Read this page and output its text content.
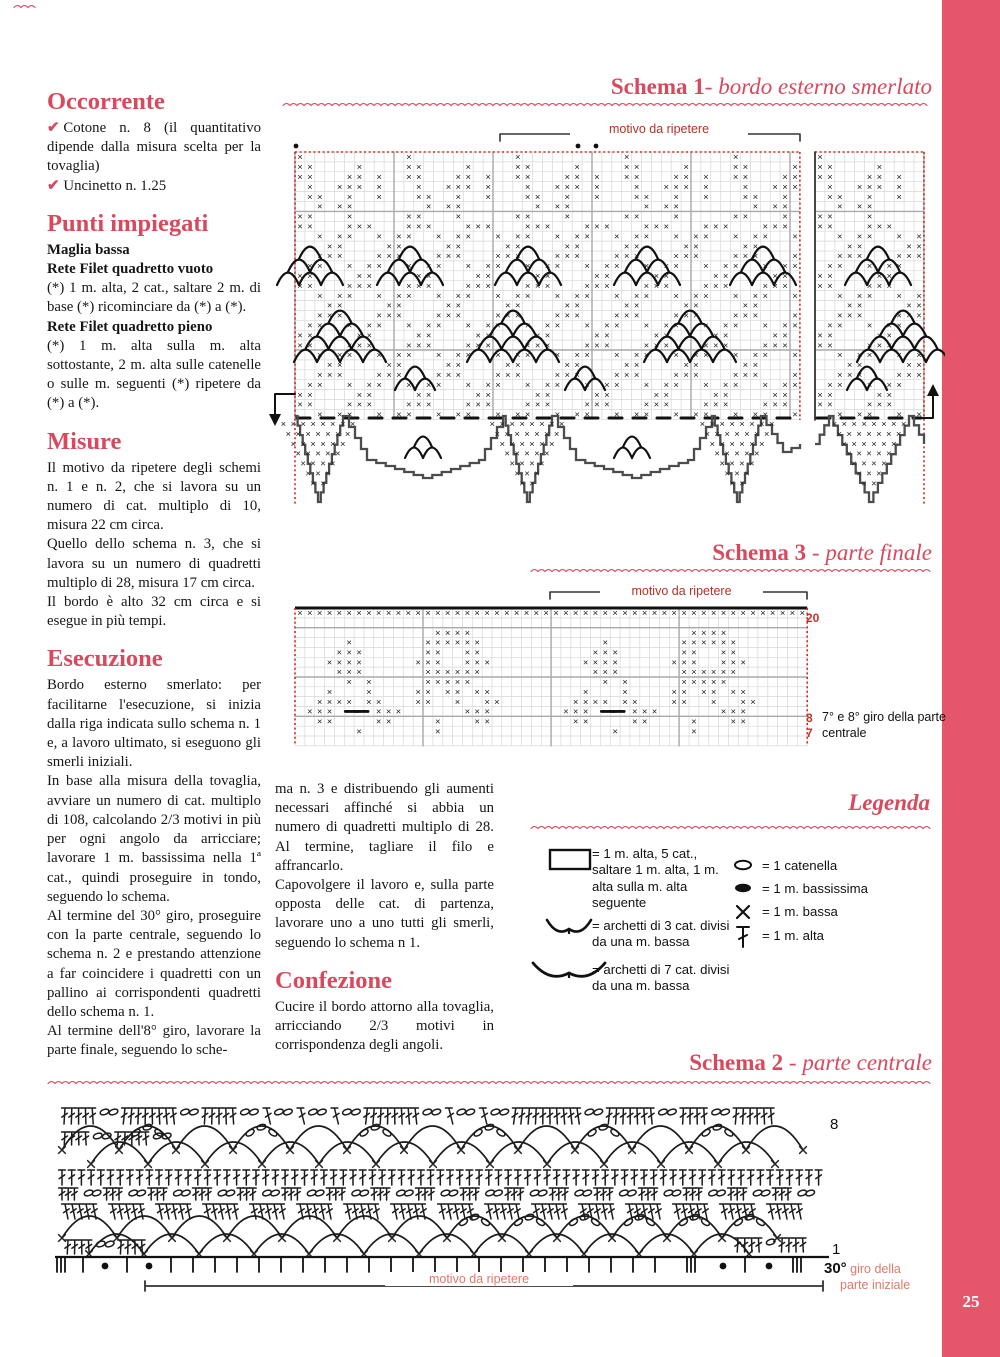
25
Occorrente

✔ Cotone n. 8 (il quantitativo dipende dalla misura scelta per la tovaglia)

✔ Uncinetto n. 1.25

Punti impiegati

Maglia bassa

Rete Filet quadretto vuoto

(*) 1 m. alta, 2 cat., saltare 2 m. di base (*) ricominciare da (*) a (*).

Rete Filet quadretto pieno

(*) 1 m. alta sulla m. alta sottostante, 2 m. alta sulle catenelle o sulle m. seguenti (*) ripetere da (*) a (*).

Misure

Il motivo da ripetere degli schemi n. 1 e n. 2, che si lavora su un numero di cat. multiplo di 10, misura 22 cm circa.

Quello dello schema n. 3, che si lavora su un numero di quadretti multiplo di 28, misura 17 cm circa.

Il bordo è alto 32 cm circa e si esegue in più tempi.

Esecuzione

Bordo esterno smerlato: per facilitarne l'esecuzione, si inizia dalla riga indicata sullo schema n. 1 e, a lavoro ultimato, si eseguono gli smerli iniziali.

In base alla misura della tovaglia, avviare un numero di cat. multiplo di 108, calcolando 2/3 motivi in più per ogni angolo da arricciare; lavorare 1 m. bassissima nella 1ª cat., quindi proseguire in tondo, seguendo lo schema.

Al termine del 30° giro, proseguire con la parte centrale, seguendo lo schema n. 2 e prestando attenzione a far coincidere i quadretti con un pallino ai corrispondenti quadretti dello schema n. 1.

Al termine dell'8° giro, lavorare la parte finale, seguendo lo sche-

ma n. 3 e distribuendo gli aumenti necessari affinché si abbia un numero di quadretti multiplo di 28. Al termine, tagliare il filo e affrancarlo.

Capovolgere il lavoro e, sulla parte opposta delle cat. di partenza, lavorare uno a uno tutti gli smerli, seguendo lo schema n 1.

Confezione

Cucire il bordo attorno alla tovaglia, arricciando 2/3 motivi in corrispondenza degli angoli.

Schema 1- bordo esterno smerlato
×	×	×	×	×
× ×	×	× ×	×	× ×	×	× ×	×	× ×	×
× ×	× × ×	× ×	× × ×	× ×	× × ×	× ×	× × ×	× ×	× ×
×	× × × ×	×	× × × ×	×	× × × ×	×	× × × ×	×	× × ×
× ×	×	×	× ×	×	×	× ×	×	×	× ×	×	×	× ×	×
× × ×	× × ×	× × ×	× × ×	× × ×
× ×	×	× ×	×	× ×	×	× ×	×	× ×	×
× ×	× × ×	× × ×	× × ×	× × ×	× × ×	× × ×	× × ×	× × ×
× × ×	× × ×	× × ×	× × ×	× × ×	× × ×	× × ×	× × ×	×
× ×	× ×	× ×	× ×	× ×	× ×	× ×	× ×
× × ×	× × ×	× × ×	× × ×	× × ×	× × ×	× × ×	× × ×	×
× ×	× × ×	× × ×	× × ×	× × ×	× × ×	× × ×	× × ×	× × ×
× ×	× ×	× ×	× ×	× ×	× ×	× ×	× ×	× ×
× ×	× × ×	× × ×	× × ×	× × ×	× × ×	× × ×	× × ×	× × ×
× × ×	× × ×	× × ×	× × ×	× × ×	× × ×	× × ×	× × ×	×
× ×	× ×	× ×	× ×	× ×	× ×	× ×	× ×
× × ×	× × ×	× × ×	× × ×	× × ×	× × ×	× × ×	× × ×	×
× ×	× × ×	× × ×	× × ×	× × ×	× × ×	× × ×	× × ×	× × ×
× ×	× ×	× ×	× ×	× ×	× ×	× ×	× ×	× ×
× ×	× × ×	× × ×	× × ×	× × ×	× × ×	× × ×	× × ×	× × ×
× × ×	× × ×	× × ×	× × ×	× × ×	× × ×	× × ×	× × ×	×
× ×	× ×	× ×	× ×	× ×	× ×	× ×	× ×
× × ×	× × ×	× × ×	× × ×	× × ×	× × ×	× × ×	× × ×	×
× ×	× × ×	× × ×	× × ×	× × ×	× × ×	× × ×	× × ×	× × ×
× ×	× ×	× ×	× ×	× ×	× ×	× ×	× ×	× ×
× ×	× × ×	× × ×	× × ×	× × ×	× × ×	× × ×	× × ×	× × ×
× × ×	× × ×	× × ×	× × ×	× × ×	× × ×	× × ×	× × ×	×
×
× ×	×
× ×	× × ×
×	× × × ×
× ×	×	×
× × ×
× ×	×
× ×	× × ×
× × ×	× ×
× ×	× ×
× × ×	× × ×
× ×	× × ×
× ×	× ×
× ×	× × ×
× × ×	× ×
× ×	× ×
× × ×	× × ×
× ×	× × ×
× ×	× ×
× ×	× × ×
× × ×	× ×
× ×	× ×
× × ×	× × ×
× ×	× × ×
× ×	× ×
× ×	× × ×
× × ×	× ×
× × × × × × × ×
× × × × × × ×
× × × × × ×
× × × × ×
× × × ×
× × ×
× ×
× × × × × × × ×
× × × × × × ×
× × × × × ×
× × × × ×
× × × ×
× × ×
× ×
× × × × × × × ×
× × × × × × ×
× × × × × ×
× × × × ×
× × × ×
× × ×
× ×
× × × × × × × ×
× × × × × × ×
× × × × × ×
× × × × ×
× × × ×
× × ×
× ×
motivo da ripetere
Schema 3 - parte finale
× × × × × × × × × × × × × × × × × × × × × × × × × × × × × × × × × × × × × × × × × × × × × × × × × × × ×
× × × ×	× × × ×
×	× × × × × ×	×	× × × × × ×
× × ×	× ×	× ×	× × ×	× ×	× ×
× × × ×	× × ×	× × ×	× × × ×	× × ×	× × ×
× × ×	× × × × × ×	× × ×	× × × × × ×
× ×	× × × × ×	× ×	× × × × ×
×	×	× × × × × ×	×	×	× × × × × ×
× × × × × ×	× ×	×	× ×	× × × × × ×	× ×	×	× ×
× × ×	× × ×	× × ×	× × ×	× × ×	× × ×
× ×	× ×	×	× ×	× ×	× ×	×	× ×
×	×	×	×
motivo da ripetere
20
8
7
7° e 8° giro della parte centrale
Legenda
= 1 m. alta, 5 cat., saltare 1 m. alta, 1 m. alta sulla m. alta seguente
= archetti di 3 cat. divisi da una m. bassa
= archetti di 7 cat. divisi da una m. bassa
= 1 catenella
= 1 m. bassissima
= 1 m. bassa
= 1 m. alta
Schema 2 - parte centrale
8
1
30° giro della
parte iniziale
motivo da ripetere
